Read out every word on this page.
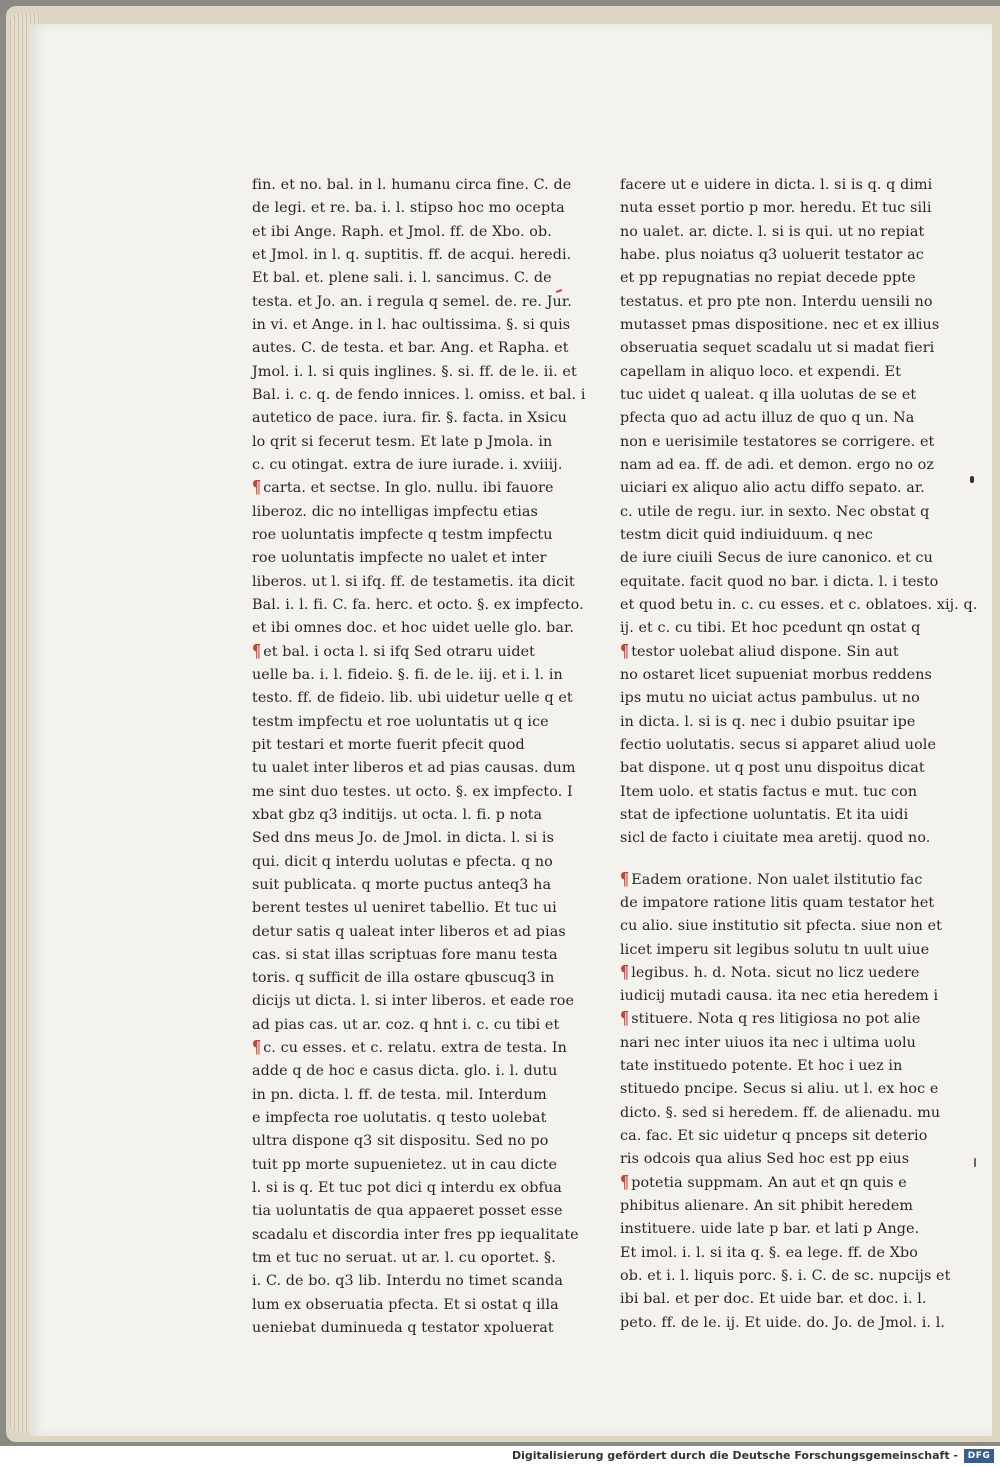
fin. et no. bal. in l. humanu circa fine. C. de
de legi. et re. ba. i. l. stipso hoc mo ocepta
et ibi Ange. Raph. et Jmol. ff. de Xbo. ob.
et Jmol. in l. q. suptitis. ff. de acqui. heredi.
Et bal. et. plene sali. i. l. sancimus. C. de
testa. et Jo. an. i regula q semel. de. re. Jur.
in vi. et Ange. in l. hac oultissima. §. si quis
autes. C. de testa. et bar. Ang. et Rapha. et
Jmol. i. l. si quis inglines. §. si. ff. de le. ii. et
Bal. i. c. q. de fendo innices. l. omiss. et bal. i
autetico de pace. iura. fir. §. facta. in Xsicu
lo qrit si fecerut tesm. Et late p Jmola. in
c. cu otingat. extra de iure iurade. i. xviiij.
¶ carta. et sectse. In glo. nullu. ibi fauore
liberoz. dic no intelligas impfectu etias
roe uoluntatis impfecte q testm impfectu
roe uoluntatis impfecte no ualet et inter
liberos. ut l. si ifq. ff. de testametis. ita dicit
Bal. i. l. fi. C. fa. herc. et octo. §. ex impfecto.
et ibi omnes doc. et hoc uidet uelle glo. bar.
¶ et bal. i octa l. si ifq Sed otraru uidet
uelle ba. i. l. fideio. §. fi. de le. iij. et i. l. in
testo. ff. de fideio. lib. ubi uidetur uelle q et
testm impfectu et roe uoluntatis ut q ice
pit testari et morte fuerit pfecit quod
tu ualet inter liberos et ad pias causas. dum
me sint duo testes. ut octo. §. ex impfecto. I
xbat gbz q3 inditijs. ut octa. l. fi. p nota
Sed dns meus Jo. de Jmol. in dicta. l. si is
qui. dicit q interdu uolutas e pfecta. q no
suit publicata. q morte puctus anteq3 ha
berent testes ul ueniret tabellio. Et tuc ui
detur satis q ualeat inter liberos et ad pias
cas. si stat illas scriptuas fore manu testa
toris. q sufficit de illa ostare qbuscuq3 in
dicijs ut dicta. l. si inter liberos. et eade roe
ad pias cas. ut ar. coz. q hnt i. c. cu tibi et
¶ c. cu esses. et c. relatu. extra de testa. In
adde q de hoc e casus dicta. glo. i. l. dutu
in pn. dicta. l. ff. de testa. mil. Interdum
e impfecta roe uolutatis. q testo uolebat
ultra dispone q3 sit dispositu. Sed no po
tuit pp morte supuenietez. ut in cau dicte
l. si is q. Et tuc pot dici q interdu ex obfua
tia uoluntatis de qua appaeret posset esse
scadalu et discordia inter fres pp iequalitate
tm et tuc no seruat. ut ar. l. cu oportet. §.
i. C. de bo. q3 lib. Interdu no timet scanda
lum ex obseruatia pfecta. Et si ostat q illa
ueniebat duminueda q testator xpoluerat
facere ut e uidere in dicta. l. si is q. q dimi
nuta esset portio p mor. heredu. Et tuc sili
no ualet. ar. dicte. l. si is qui. ut no repiat
habe. plus noiatus q3 uoluerit testator ac
et pp repugnatias no repiat decede ppte
testatus. et pro pte non. Interdu uensili no
mutasset pmas dispositione. nec et ex illius
obseruatia sequet scadalu ut si madat fieri
capellam in aliquo loco. et expendi. Et
tuc uidet q ualeat. q illa uolutas de se et
pfecta quo ad actu illuz de quo q un. Na
non e uerisimile testatores se corrigere. et
nam ad ea. ff. de adi. et demon. ergo no oz
uiciari ex aliquo alio actu diffo sepato. ar.
c. utile de regu. iur. in sexto. Nec obstat q
testm dicit quid indiuiduum. q nec
de iure ciuili Secus de iure canonico. et cu
equitate. facit quod no bar. i dicta. l. i testo
et quod betu in. c. cu esses. et c. oblatoes. xij. q.
ij. et c. cu tibi. Et hoc pcedunt qn ostat q
¶ testor uolebat aliud dispone. Sin aut
no ostaret licet supueniat morbus reddens
ips mutu no uiciat actus pambulus. ut no
in dicta. l. si is q. nec i dubio psuitar ipe
fectio uolutatis. secus si apparet aliud uole
bat dispone. ut q post unu dispoitus dicat
Item uolo. et statis factus e mut. tuc con
stat de ipfectione uoluntatis. Et ita uidi
sicl de facto i ciuitate mea aretij. quod no.
¶ Eadem oratione. Non ualet ilstitutio fac
de impatore ratione litis quam testator het
cu alio. siue institutio sit pfecta. siue non et
licet imperu sit legibus solutu tn uult uiue
¶ legibus. h. d. Nota. sicut no licz uedere
iudicij mutadi causa. ita nec etia heredem i
¶ stituere. Nota q res litigiosa no pot alie
nari nec inter uiuos ita nec i ultima uolu
tate instituedo potente. Et hoc i uez in
stituedo pncipe. Secus si aliu. ut l. ex hoc e
dicto. §. sed si heredem. ff. de alienadu. mu
ca. fac. Et sic uidetur q pnceps sit deterio
ris odcois qua alius Sed hoc est pp eius
¶ potetia suppmam. An aut et qn quis e
phibitus alienare. An sit phibit heredem
instituere. uide late p bar. et lati p Ange.
Et imol. i. l. si ita q. §. ea lege. ff. de Xbo
ob. et i. l. liquis porc. §. i. C. de sc. nupcijs et
ibi bal. et per doc. Et uide bar. et doc. i. l.
peto. ff. de le. ij. Et uide. do. Jo. de Jmol. i. l.
Digitalisierung gefördert durch die Deutsche Forschungsgemeinschaft -	DFG
